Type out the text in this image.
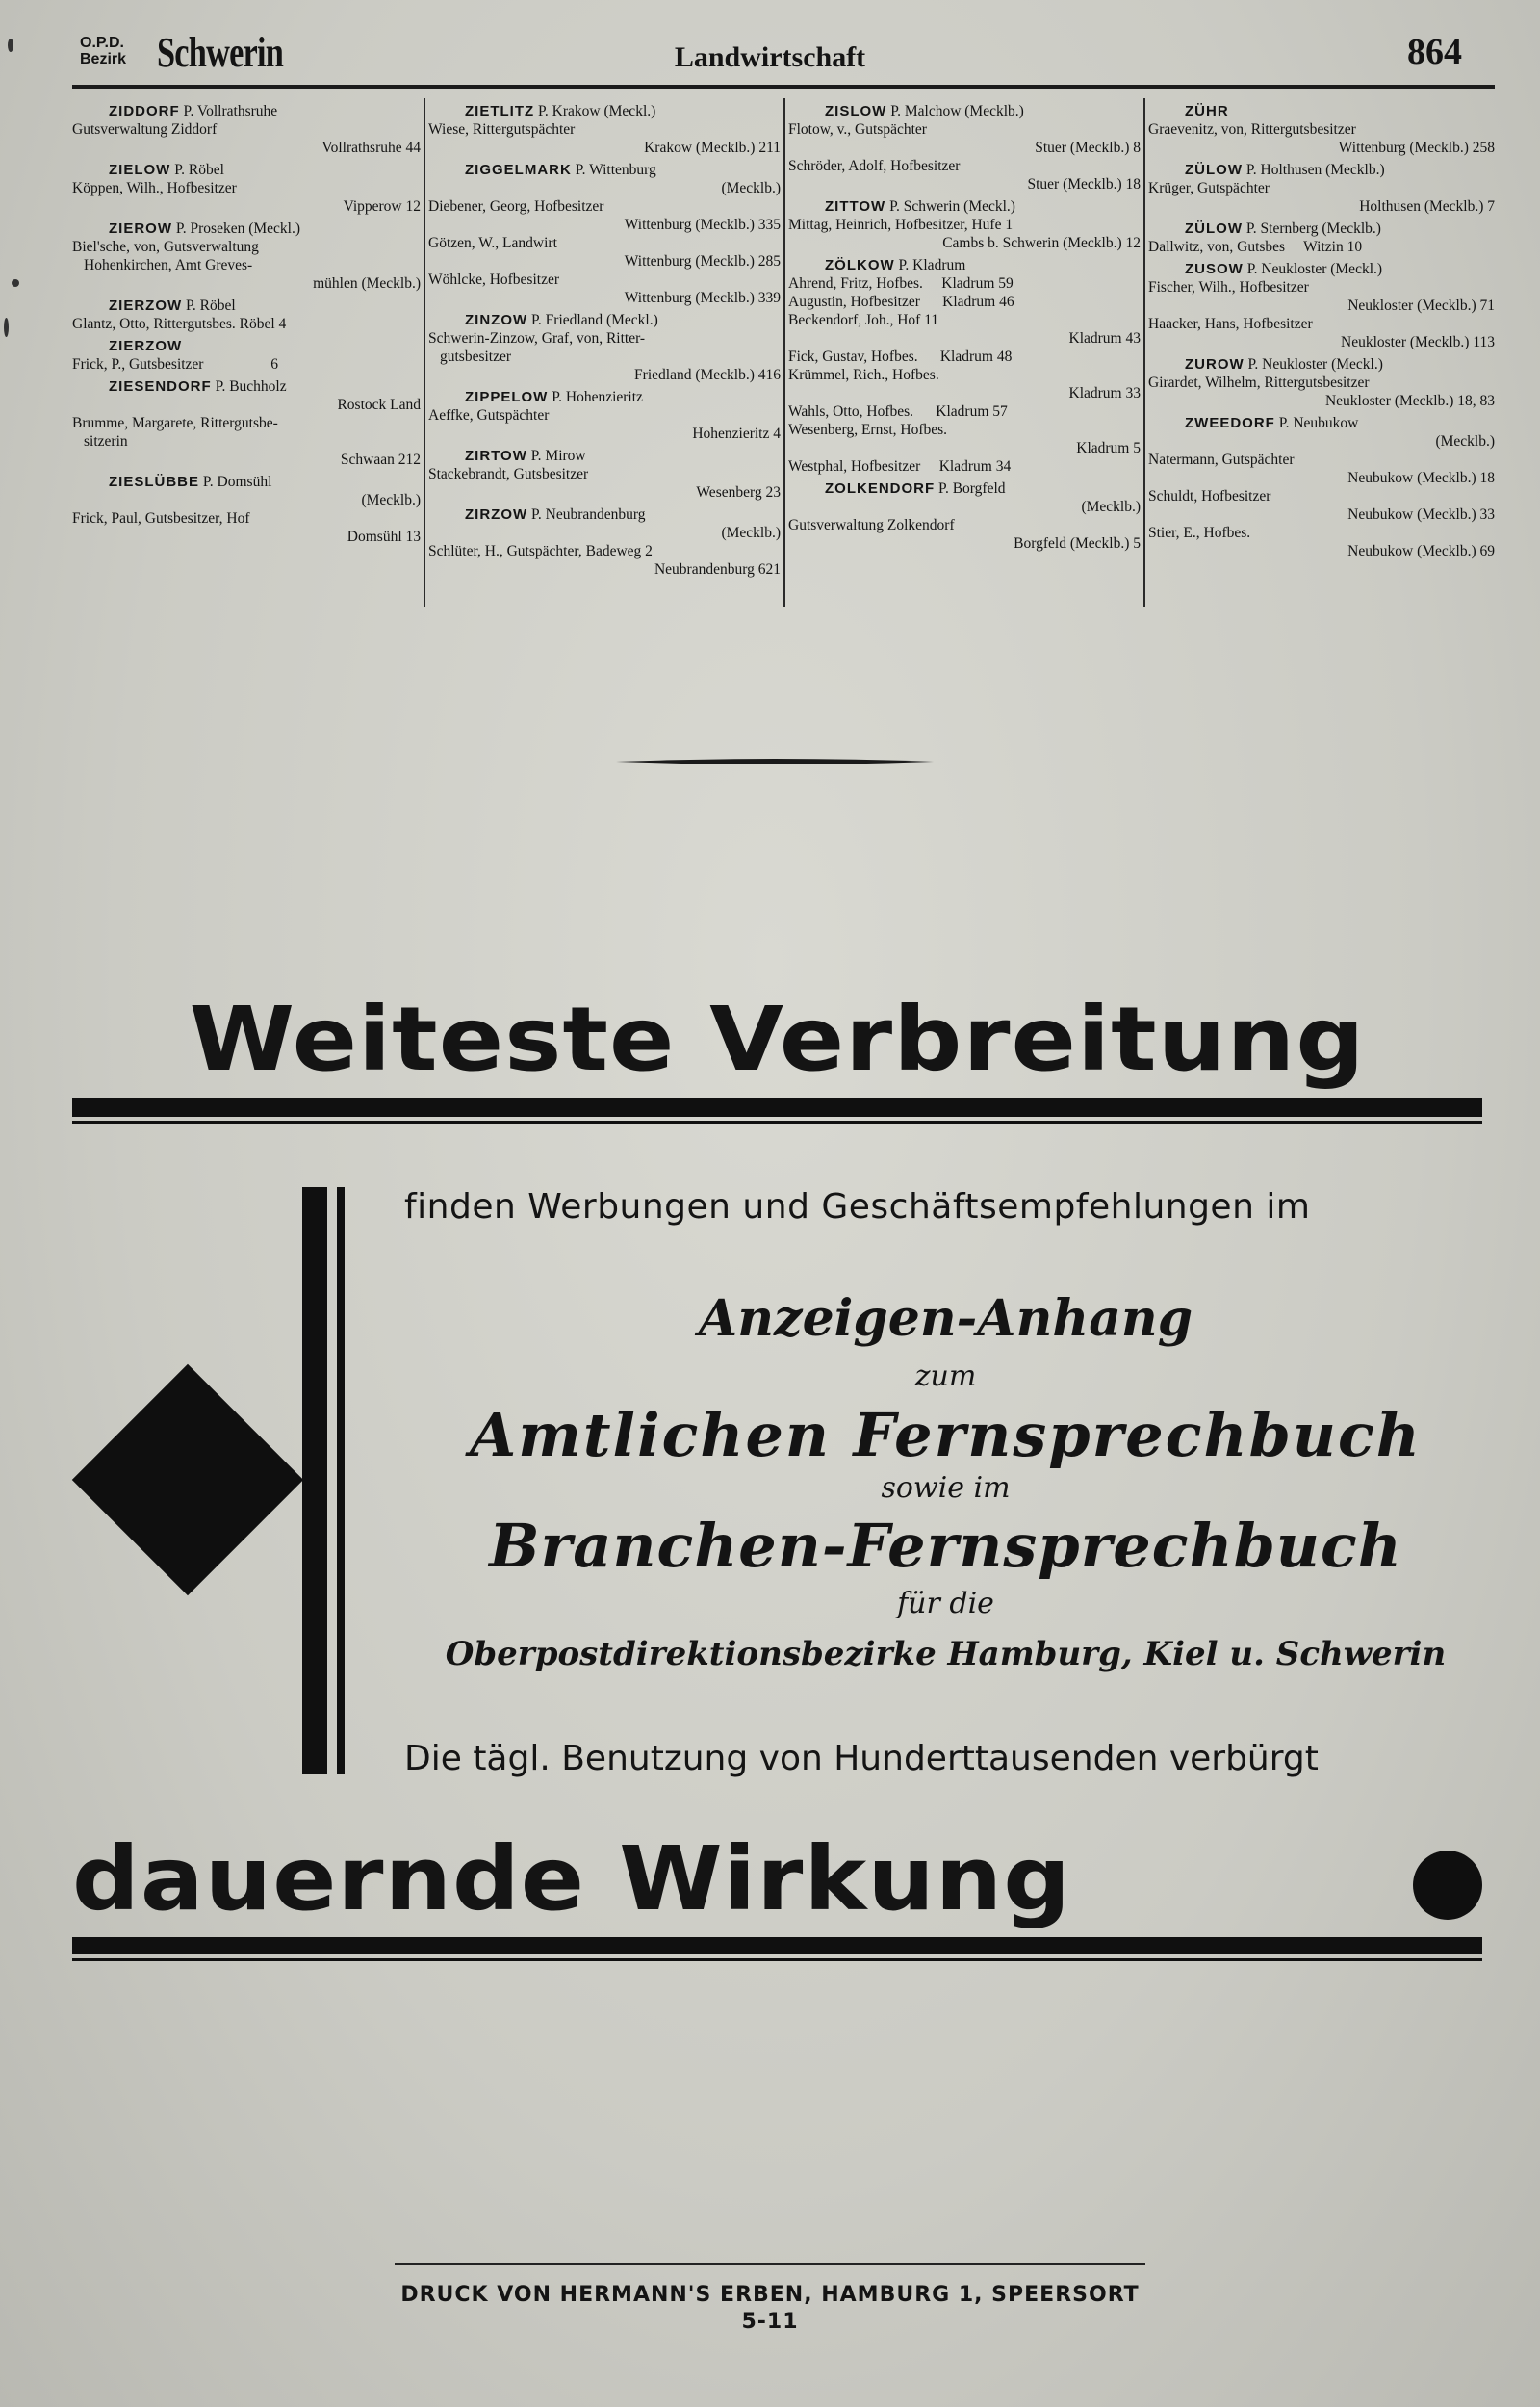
O.P.D.
Bezirk Schwerin	Landwirtschaft	864
ZIDDORF P. Vollrathsruhe
Gutsverwaltung Ziddorf
Vollrathsruhe 44
ZIELOW P. Röbel
Köppen, Wilh., Hofbesitzer
Vipperow 12
ZIEROW P. Proseken (Meckl.)
Biel'sche, von, Gutsverwaltung
Hohenkirchen, Amt Greves-
mühlen (Mecklb.)
ZIERZOW P. Röbel
Glantz, Otto, Rittergutsbes. Röbel 4
ZIERZOW
Frick, P., Gutsbesitzer                  6
ZIESENDORF P. Buchholz
Rostock Land
Brumme, Margarete, Rittergutsbe-
sitzerin
Schwaan 212
ZIESLÜBBE P. Domsühl
(Mecklb.)
Frick, Paul, Gutsbesitzer, Hof
Domsühl 13
ZIETLITZ P. Krakow (Meckl.)
Wiese, Rittergutspächter
Krakow (Mecklb.) 211
ZIGGELMARK P. Wittenburg
(Mecklb.)
Diebener, Georg, Hofbesitzer
Wittenburg (Mecklb.) 335
Götzen, W., Landwirt
Wittenburg (Mecklb.) 285
Wöhlcke, Hofbesitzer
Wittenburg (Mecklb.) 339
ZINZOW P. Friedland (Meckl.)
Schwerin-Zinzow, Graf, von, Ritter-
gutsbesitzer
Friedland (Mecklb.) 416
ZIPPELOW P. Hohenzieritz
Aeffke, Gutspächter
Hohenzieritz 4
ZIRTOW P. Mirow
Stackebrandt, Gutsbesitzer
Wesenberg 23
ZIRZOW P. Neubrandenburg
(Mecklb.)
Schlüter, H., Gutspächter, Badeweg 2
Neubrandenburg 621
ZISLOW P. Malchow (Mecklb.)
Flotow, v., Gutspächter
Stuer (Mecklb.) 8
Schröder, Adolf, Hofbesitzer
Stuer (Mecklb.) 18
ZITTOW P. Schwerin (Meckl.)
Mittag, Heinrich, Hofbesitzer, Hufe 1
Cambs b. Schwerin (Mecklb.) 12
ZÖLKOW P. Kladrum
Ahrend, Fritz, Hofbes.     Kladrum 59
Augustin, Hofbesitzer      Kladrum 46
Beckendorf, Joh., Hof 11
Kladrum 43
Fick, Gustav, Hofbes.      Kladrum 48
Krümmel, Rich., Hofbes.
Kladrum 33
Wahls, Otto, Hofbes.      Kladrum 57
Wesenberg, Ernst, Hofbes.
Kladrum 5
Westphal, Hofbesitzer     Kladrum 34
ZOLKENDORF P. Borgfeld
(Mecklb.)
Gutsverwaltung Zolkendorf
Borgfeld (Mecklb.) 5
ZÜHR
Graevenitz, von, Rittergutsbesitzer
Wittenburg (Mecklb.) 258
ZÜLOW P. Holthusen (Mecklb.)
Krüger, Gutspächter
Holthusen (Mecklb.) 7
ZÜLOW P. Sternberg (Mecklb.)
Dallwitz, von, Gutsbes     Witzin 10
ZUSOW P. Neukloster (Meckl.)
Fischer, Wilh., Hofbesitzer
Neukloster (Mecklb.) 71
Haacker, Hans, Hofbesitzer
Neukloster (Mecklb.) 113
ZUROW P. Neukloster (Meckl.)
Girardet, Wilhelm, Rittergutsbesitzer
Neukloster (Mecklb.) 18, 83
ZWEEDORF P. Neubukow
(Mecklb.)
Natermann, Gutspächter
Neubukow (Mecklb.) 18
Schuldt, Hofbesitzer
Neubukow (Mecklb.) 33
Stier, E., Hofbes.
Neubukow (Mecklb.) 69
Weiteste Verbreitung
finden Werbungen und Geschäftsempfehlungen im
Anzeigen-Anhang
zum
Amtlichen Fernsprechbuch
sowie im
Branchen-Fernsprechbuch
für die
Oberpostdirektionsbezirke Hamburg, Kiel u. Schwerin
Die tägl. Benutzung von Hunderttausenden verbürgt
dauernde Wirkung
DRUCK VON HERMANN'S ERBEN, HAMBURG 1, SPEERSORT 5-11
